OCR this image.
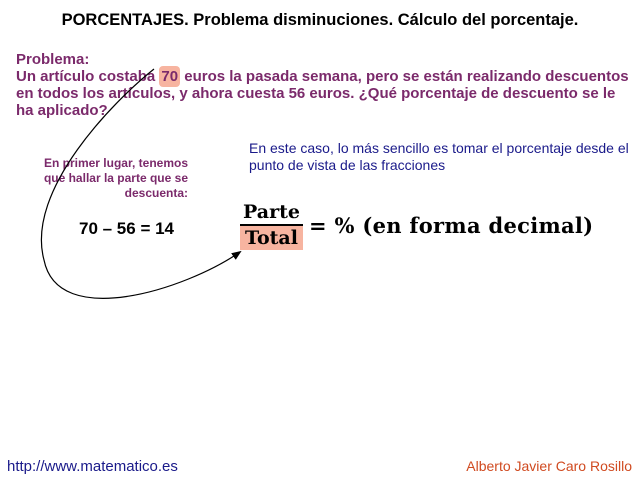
PORCENTAJES. Problema disminuciones. Cálculo del porcentaje.
Problema:
Un artículo costaba 70 euros la pasada semana, pero se están realizando descuentos en todos los artículos, y ahora cuesta 56 euros. ¿Qué porcentaje de descuento se le ha aplicado?
En primer lugar, tenemos que hallar la parte que se descuenta:
70 – 56 = 14
En este caso, lo más sencillo es tomar el porcentaje desde el punto de vista de las fracciones
$\frac{\text{Parte}}{\text{Total}}$ = % (en forma decimal)
http://www.matematico.es	Alberto Javier Caro Rosillo
